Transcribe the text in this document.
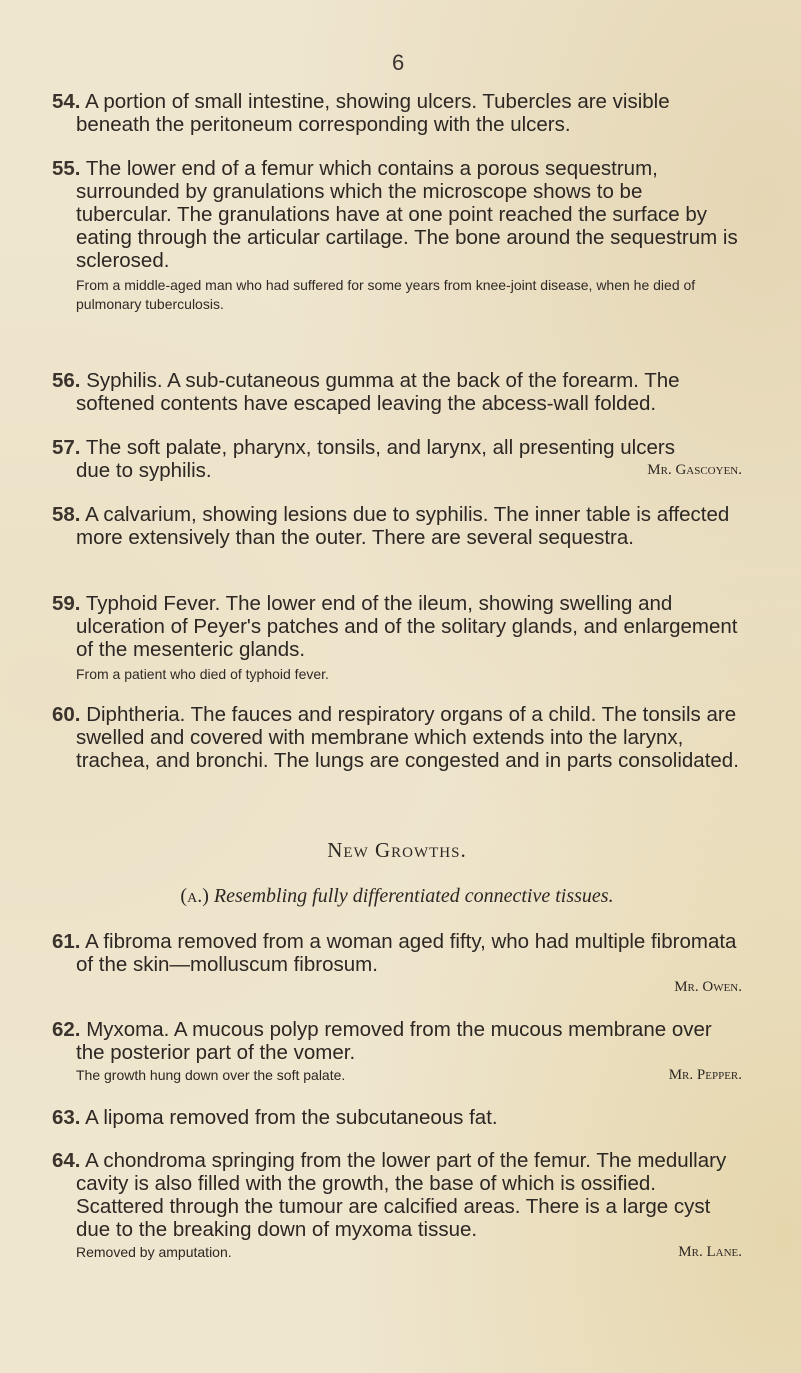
6
54. A portion of small intestine, showing ulcers. Tubercles are visible beneath the peritoneum corresponding with the ulcers.
55. The lower end of a femur which contains a porous sequestrum, surrounded by granulations which the microscope shows to be tubercular. The granulations have at one point reached the surface by eating through the articular cartilage. The bone around the sequestrum is sclerosed.
From a middle-aged man who had suffered for some years from knee-joint disease, when he died of pulmonary tuberculosis.
56. Syphilis. A sub-cutaneous gumma at the back of the forearm. The softened contents have escaped leaving the abcess-wall folded.
57. The soft palate, pharynx, tonsils, and larynx, all presenting ulcers
due to syphilis.	Mr. Gascoyen.
58. A calvarium, showing lesions due to syphilis. The inner table is affected more extensively than the outer. There are several sequestra.
59. Typhoid Fever. The lower end of the ileum, showing swelling and ulceration of Peyer's patches and of the solitary glands, and enlargement of the mesenteric glands.
From a patient who died of typhoid fever.
60. Diphtheria. The fauces and respiratory organs of a child. The tonsils are swelled and covered with membrane which extends into the larynx, trachea, and bronchi. The lungs are congested and in parts consolidated.
New Growths.
(a.) Resembling fully differentiated connective tissues.
61. A fibroma removed from a woman aged fifty, who had multiple fibromata of the skin—molluscum fibrosum.
Mr. Owen.
62. Myxoma. A mucous polyp removed from the mucous membrane over the posterior part of the vomer.
The growth hung down over the soft palate.	Mr. Pepper.
63. A lipoma removed from the subcutaneous fat.
64. A chondroma springing from the lower part of the femur. The medullary cavity is also filled with the growth, the base of which is ossified. Scattered through the tumour are calcified areas. There is a large cyst due to the breaking down of myxoma tissue.
Removed by amputation.	Mr. Lane.
